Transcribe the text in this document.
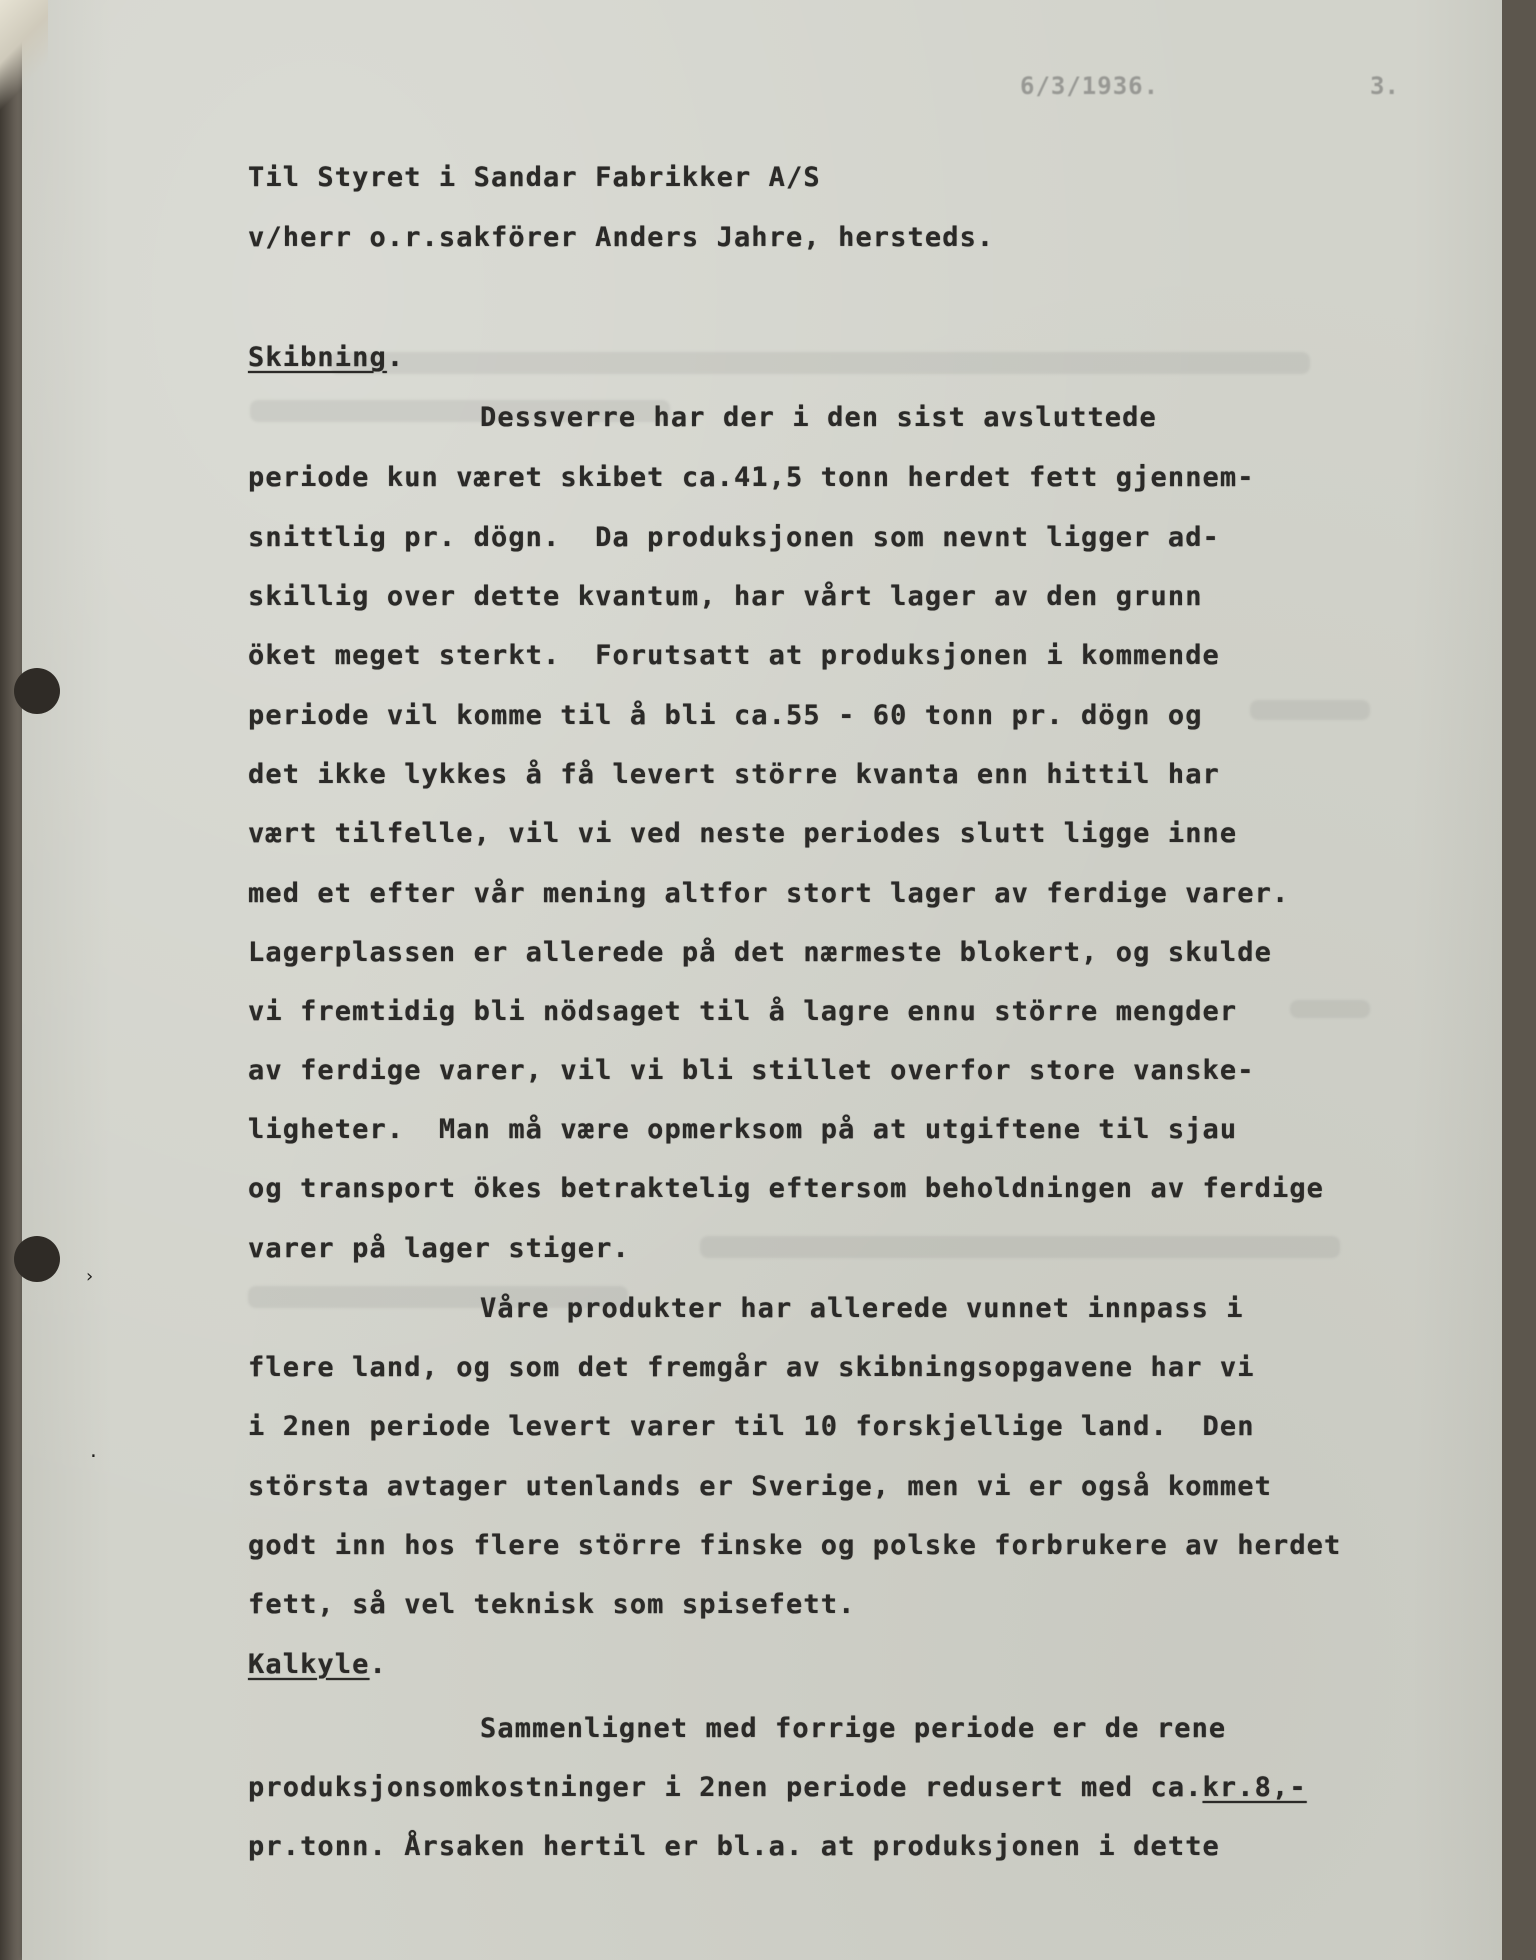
›
·
6/3/1936.	3.
Til Styret i Sandar Fabrikker A/S
v/herr o.r.sakförer Anders Jahre, hersteds.
Skibning.
Dessverre har der i den sist avsluttede
periode kun været skibet ca.41,5 tonn herdet fett gjennem-
snittlig pr. dögn.  Da produksjonen som nevnt ligger ad-
skillig over dette kvantum, har vårt lager av den grunn
öket meget sterkt.  Forutsatt at produksjonen i kommende
periode vil komme til å bli ca.55 - 60 tonn pr. dögn og
det ikke lykkes å få levert större kvanta enn hittil har
vært tilfelle, vil vi ved neste periodes slutt ligge inne
med et efter vår mening altfor stort lager av ferdige varer.
Lagerplassen er allerede på det nærmeste blokert, og skulde
vi fremtidig bli nödsaget til å lagre ennu större mengder
av ferdige varer, vil vi bli stillet overfor store vanske-
ligheter.  Man må være opmerksom på at utgiftene til sjau
og transport ökes betraktelig eftersom beholdningen av ferdige
varer på lager stiger.
Våre produkter har allerede vunnet innpass i
flere land, og som det fremgår av skibningsopgavene har vi
i 2nen periode levert varer til 10 forskjellige land.  Den
största avtager utenlands er Sverige, men vi er også kommet
godt inn hos flere större finske og polske forbrukere av herdet
fett, så vel teknisk som spisefett.
Kalkyle.
Sammenlignet med forrige periode er de rene
produksjonsomkostninger i 2nen periode redusert med ca.kr.8,-
pr.tonn. Årsaken hertil er bl.a. at produksjonen i dette
